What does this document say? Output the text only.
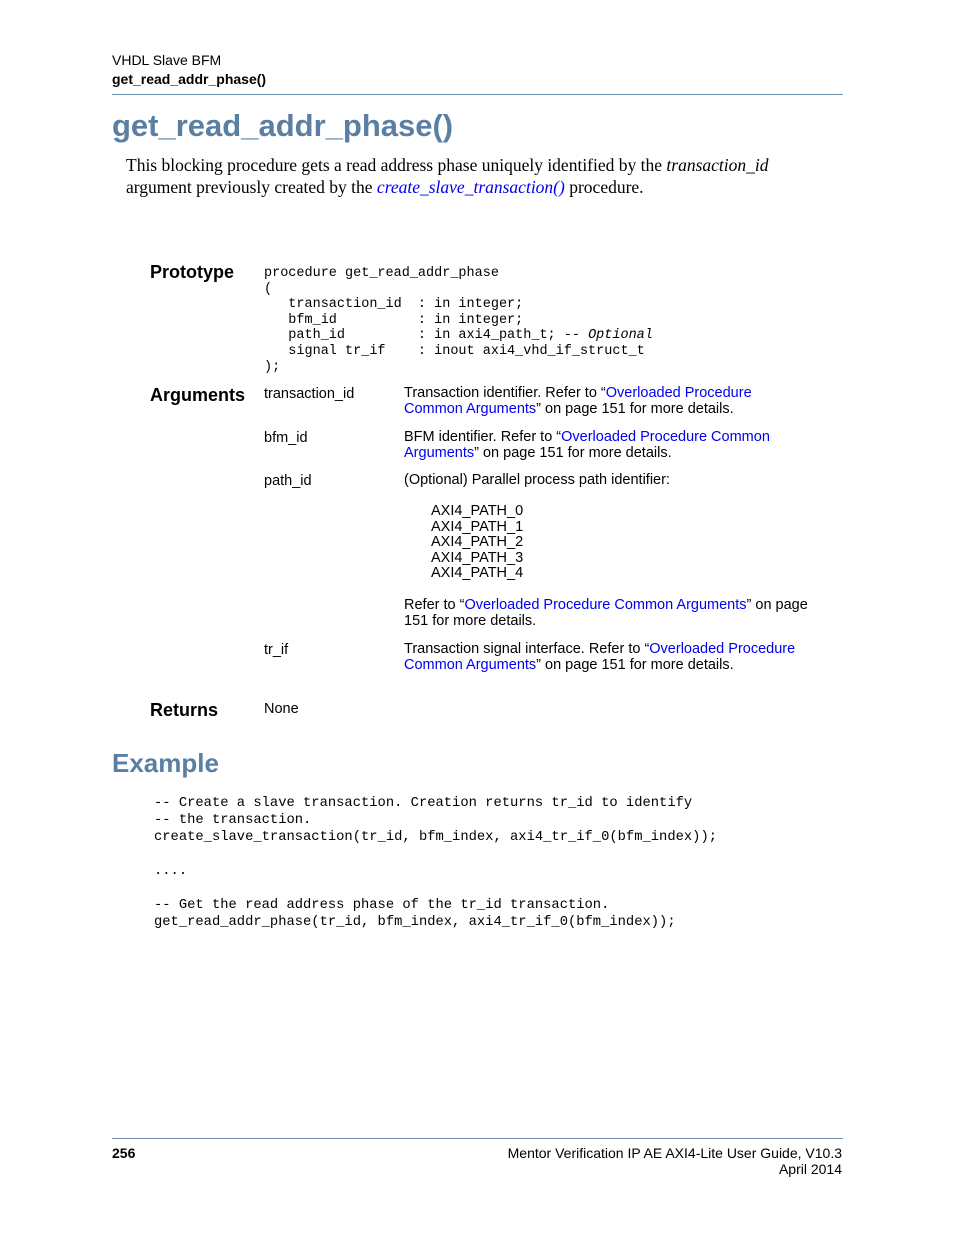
VHDL Slave BFM
get_read_addr_phase()
get_read_addr_phase()
This blocking procedure gets a read address phase uniquely identified by the transaction_id argument previously created by the create_slave_transaction() procedure.
Prototype procedure get_read_addr_phase
(
transaction_id  : in integer;
bfm_id          : in integer;
path_id         : in axi4_path_t; -- Optional
signal tr_if    : inout axi4_vhd_if_struct_t
);
Arguments transaction_id	Transaction identifier. Refer to “Overloaded Procedure Common Arguments” on page 151 for more details.
bfm_id	BFM identifier. Refer to “Overloaded Procedure Common Arguments” on page 151 for more details.
path_id	(Optional) Parallel process path identifier:
AXI4_PATH_0
AXI4_PATH_1
AXI4_PATH_2
AXI4_PATH_3
AXI4_PATH_4
Refer to “Overloaded Procedure Common Arguments” on page 151 for more details.
tr_if	Transaction signal interface. Refer to “Overloaded Procedure Common Arguments” on page 151 for more details.
Returns	None
Example
-- Create a slave transaction. Creation returns tr_id to identify
-- the transaction.
create_slave_transaction(tr_id, bfm_index, axi4_tr_if_0(bfm_index));
....
-- Get the read address phase of the tr_id transaction.
get_read_addr_phase(tr_id, bfm_index, axi4_tr_if_0(bfm_index));
256	Mentor Verification IP AE AXI4-Lite User Guide, V10.3
April 2014
